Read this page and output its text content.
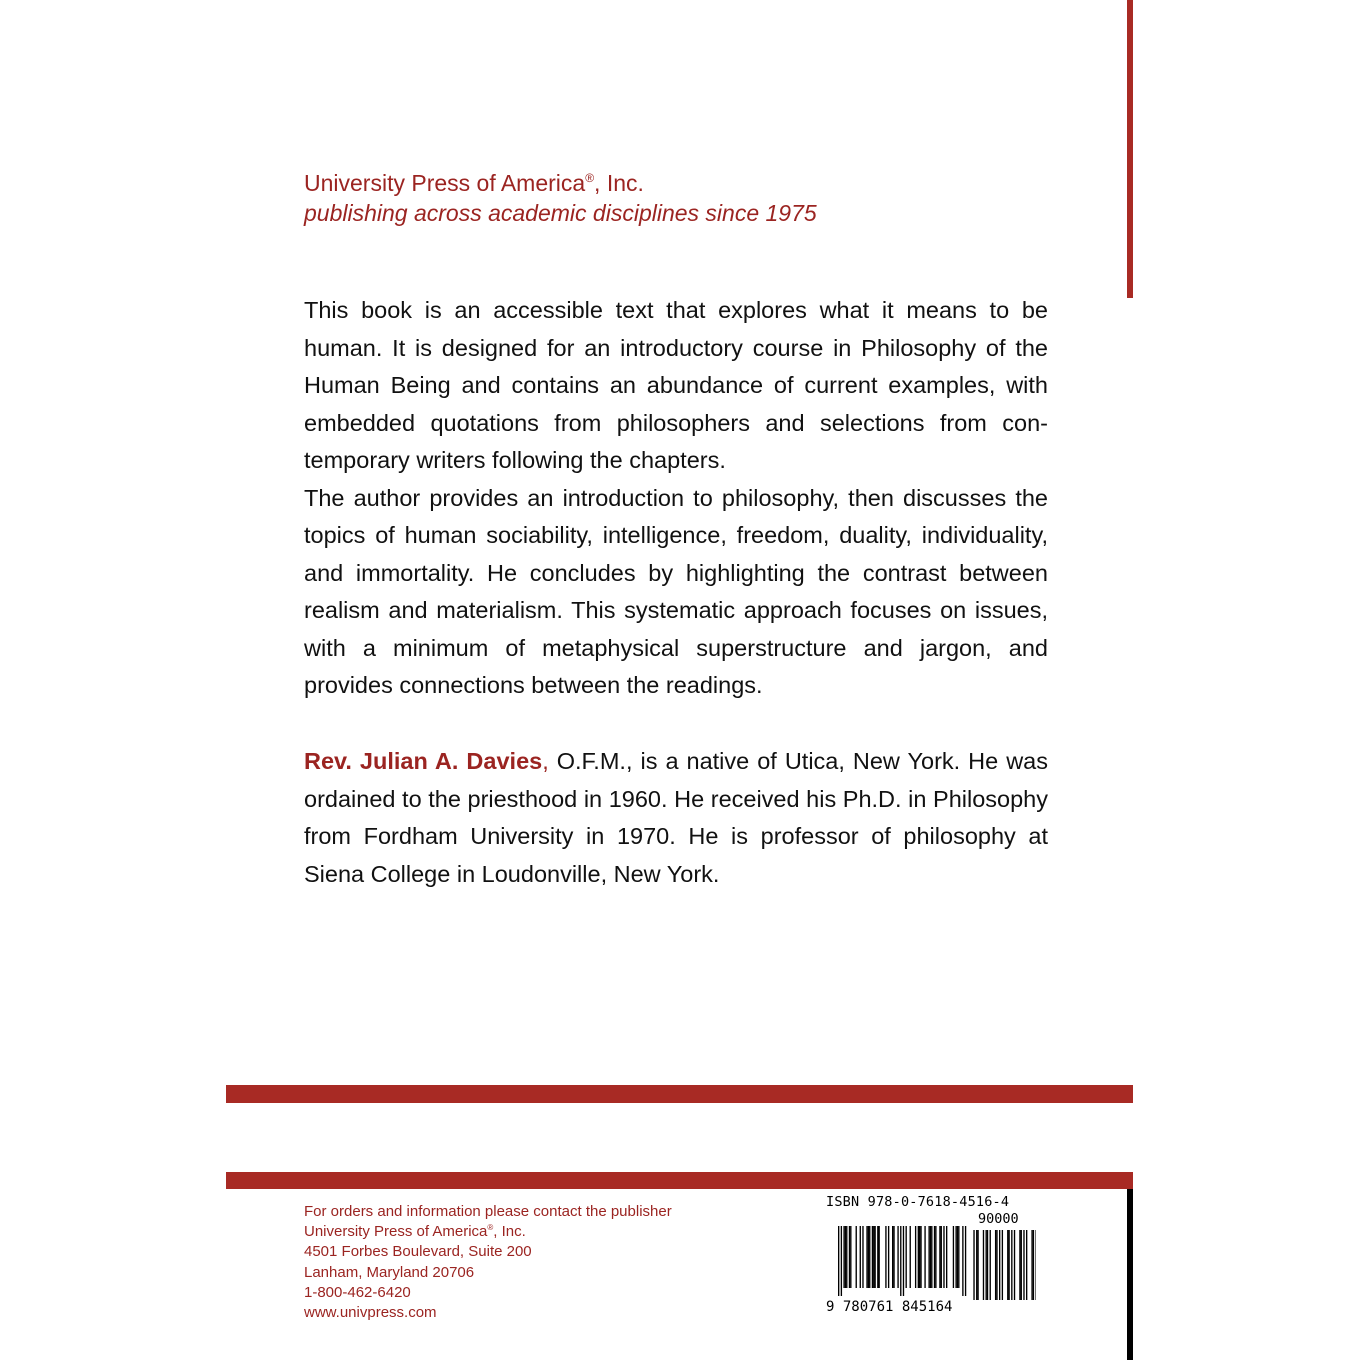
University Press of America®, Inc.
publishing across academic disciplines since 1975

This book is an accessible text that explores what it means to be human. It is designed for an introductory course in Philosophy of the Human Being and contains an abundance of current examples, with embedded quotations from philosophers and selections from contemporary writers following the chapters.

The author provides an introduction to philosophy, then discusses the topics of human sociability, intelligence, freedom, duality, individuality, and immortality. He concludes by highlighting the contrast between realism and materialism. This systematic approach focuses on issues, with a minimum of metaphysical superstructure and jargon, and provides connections between the readings.

Rev. Julian A. Davies, O.F.M., is a native of Utica, New York. He was ordained to the priesthood in 1960. He received his Ph.D. in Philosophy from Fordham University in 1970. He is professor of philosophy at Siena College in Loudonville, New York.

For orders and information please contact the publisher
University Press of America®, Inc.
4501 Forbes Boulevard, Suite 200
Lanham, Maryland 20706
1-800-462-6420
www.univpress.com
ISBN 978-0-7618-4516-4
90000
9 780761 845164
